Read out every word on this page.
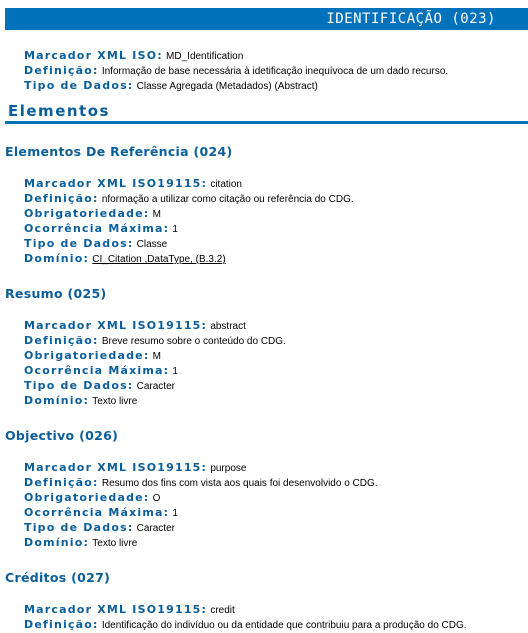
IDENTIFICAÇÃO (023)
Marcador XML ISO: MD_Identification
Definição: Informação de base necessária à idetificação inequívoca de um dado recurso.
Tipo de Dados: Classe Agregada (Metadados) (Abstract)
Elementos
Elementos De Referência (024)
Marcador XML ISO19115: citation
Definição: nformação a utilizar como citação ou referência do CDG.
Obrigatoriedade: M
Ocorrência Máxima: 1
Tipo de Dados: Classe
Domínio: CI_Citation ,DataType, (B.3.2)
Resumo (025)
Marcador XML ISO19115: abstract
Definição: Breve resumo sobre o conteúdo do CDG.
Obrigatoriedade: M
Ocorrência Máxima: 1
Tipo de Dados: Caracter
Domínio: Texto livre
Objectivo (026)
Marcador XML ISO19115: purpose
Definição: Resumo dos fins com vista aos quais foi desenvolvido o CDG.
Obrigatoriedade: O
Ocorrência Máxima: 1
Tipo de Dados: Caracter
Domínio: Texto livre
Créditos (027)
Marcador XML ISO19115: credit
Definição: Identificação do indivíduo ou da entidade que contribuiu para a produção do CDG.
